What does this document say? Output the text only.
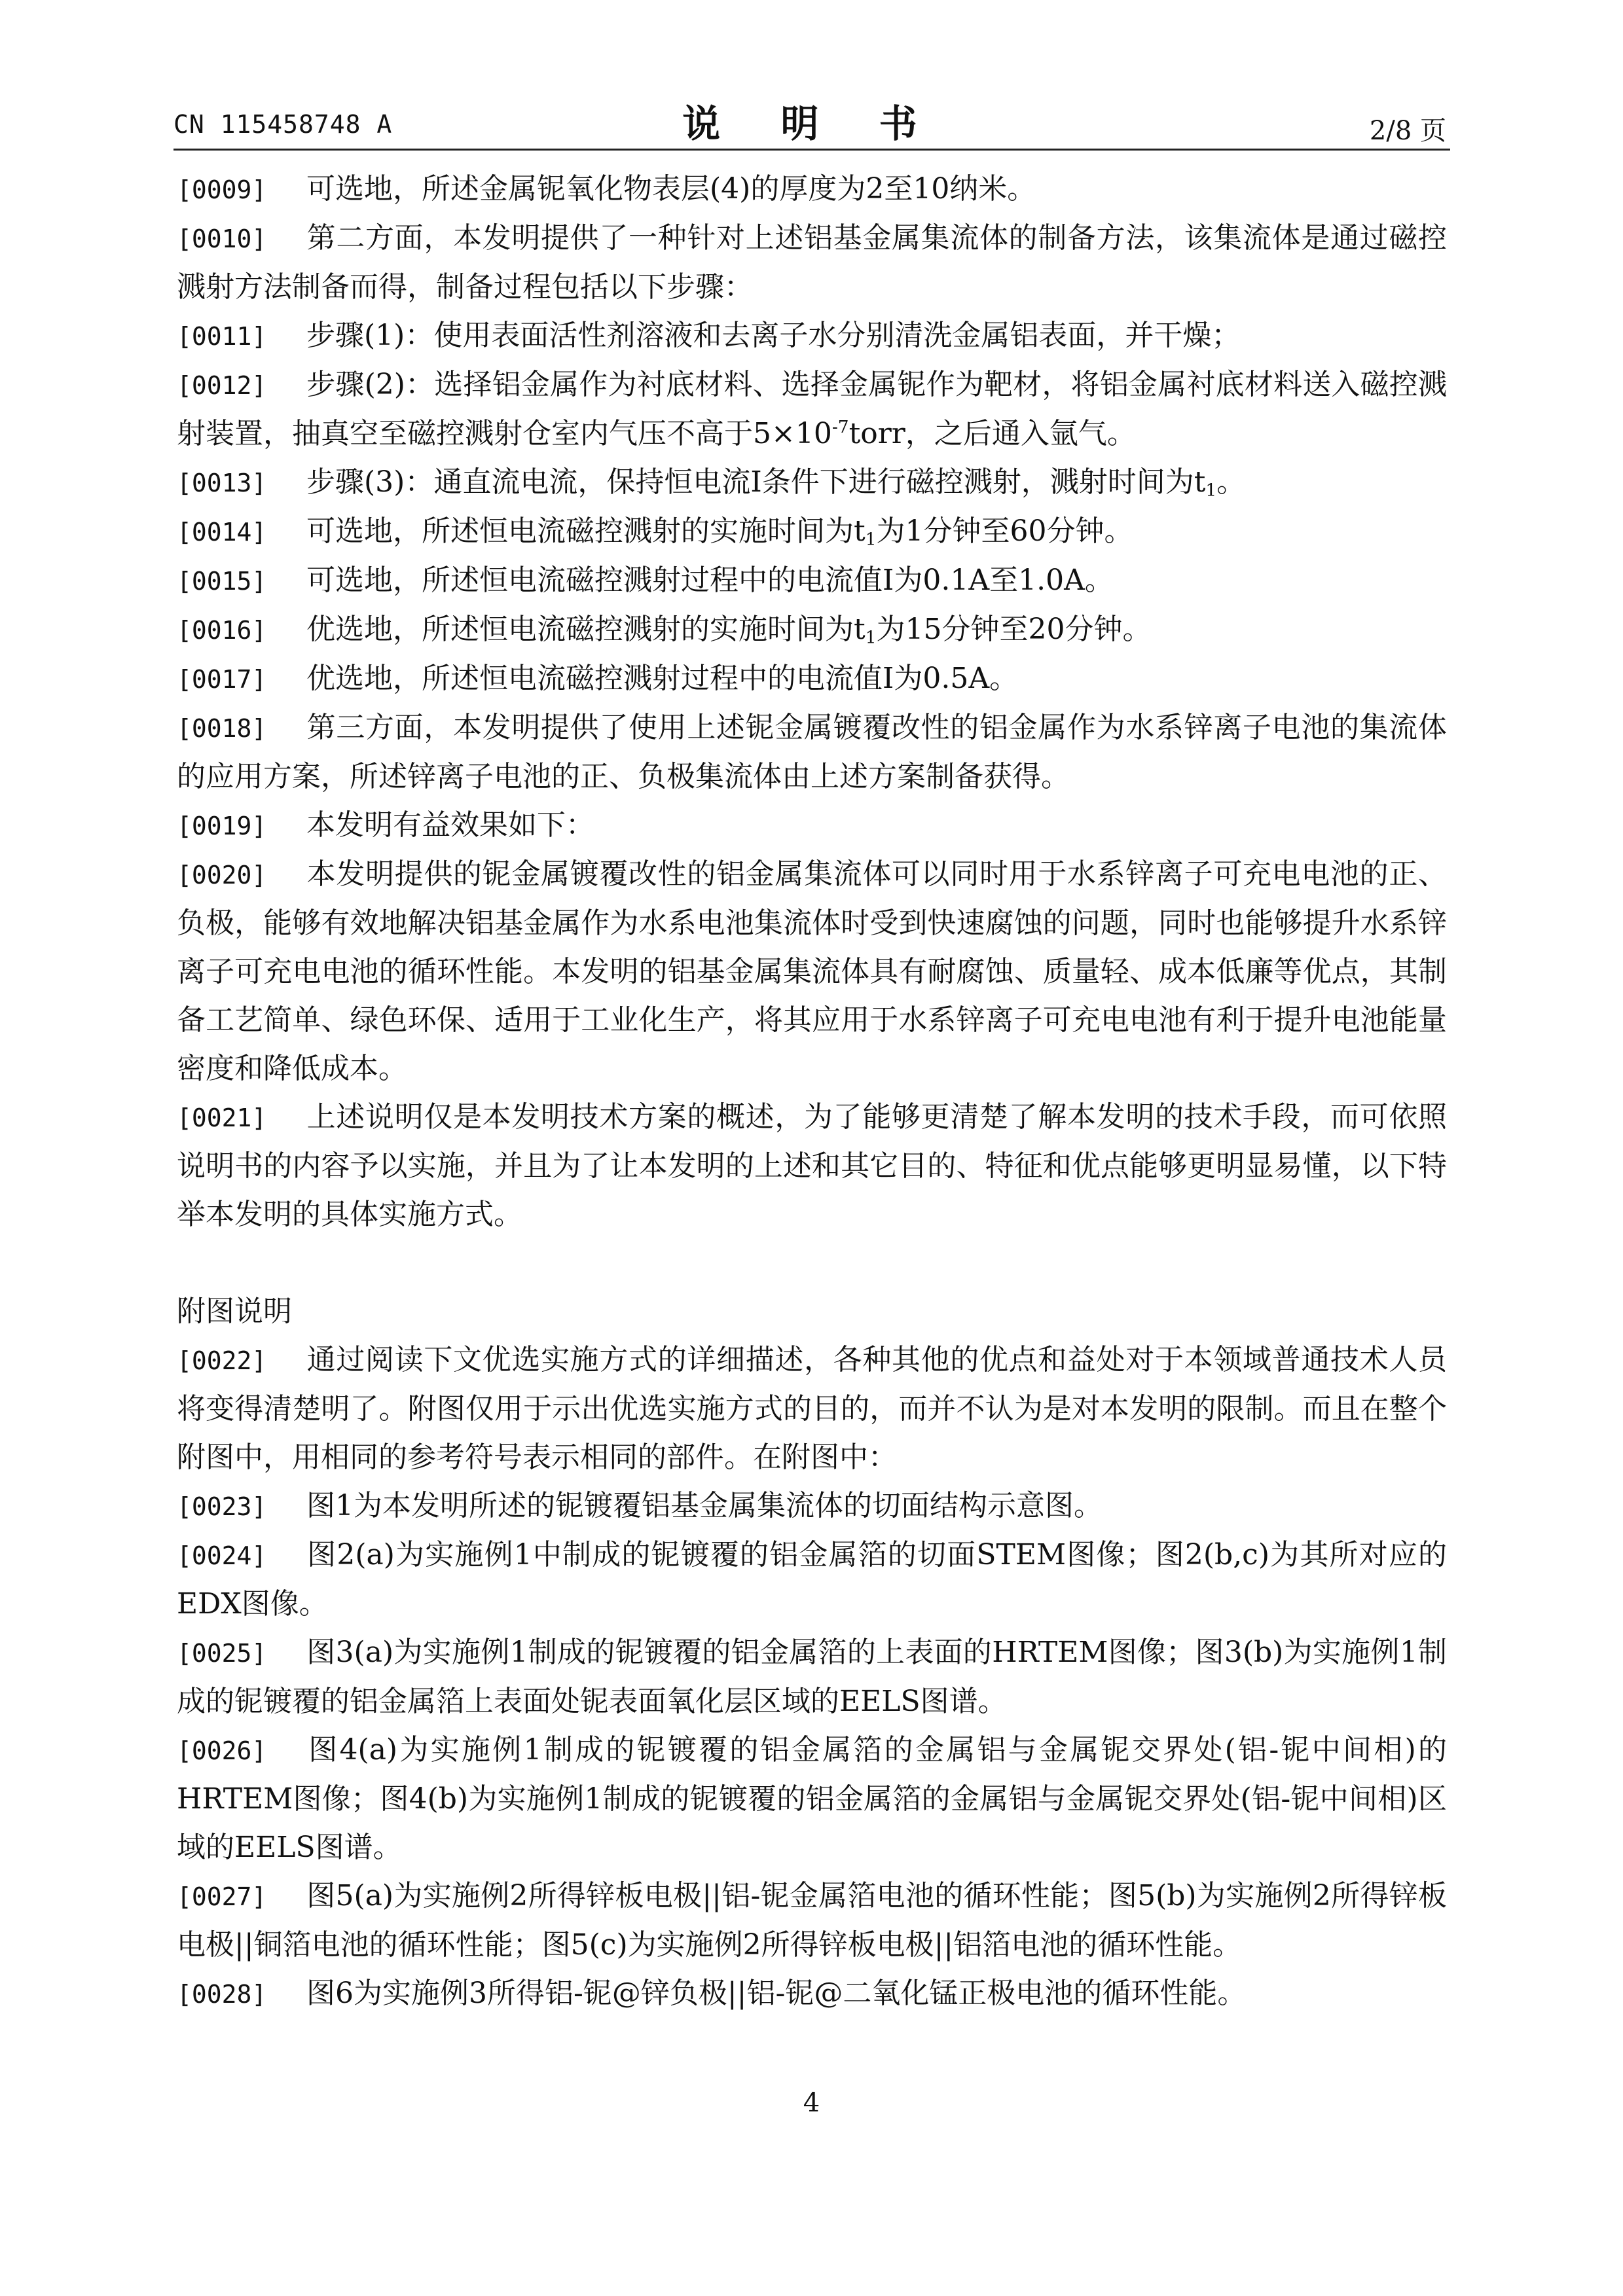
CN 115458748 A	说 明 书	2/8 页

[0009] 可选地，所述金属铌氧化物表层(4)的厚度为2至10纳米。

[0010] 第二方面，本发明提供了一种针对上述铝基金属集流体的制备方法，该集流体是通过磁控溅射方法制备而得，制备过程包括以下步骤：

[0011] 步骤(1)：使用表面活性剂溶液和去离子水分别清洗金属铝表面，并干燥；

[0012] 步骤(2)：选择铝金属作为衬底材料、选择金属铌作为靶材，将铝金属衬底材料送入磁控溅射装置，抽真空至磁控溅射仓室内气压不高于$5\times 10^{-7}torr$，之后通入氩气。

[0013] 步骤(3)：通直流电流，保持恒电流I条件下进行磁控溅射，溅射时间为$t_1$。

[0014] 可选地，所述恒电流磁控溅射的实施时间为$t_1$为1分钟至60分钟。

[0015] 可选地，所述恒电流磁控溅射过程中的电流值I为0.1A至1.0A。

[0016] 优选地，所述恒电流磁控溅射的实施时间为$t_1$为15分钟至20分钟。

[0017] 优选地，所述恒电流磁控溅射过程中的电流值I为0.5A。

[0018] 第三方面，本发明提供了使用上述铌金属镀覆改性的铝金属作为水系锌离子电池的集流体的应用方案，所述锌离子电池的正、负极集流体由上述方案制备获得。

[0019] 本发明有益效果如下：

[0020] 本发明提供的铌金属镀覆改性的铝金属集流体可以同时用于水系锌离子可充电电池的正、负极，能够有效地解决铝基金属作为水系电池集流体时受到快速腐蚀的问题，同时也能够提升水系锌离子可充电电池的循环性能。本发明的铝基金属集流体具有耐腐蚀、质量轻、成本低廉等优点，其制备工艺简单、绿色环保、适用于工业化生产，将其应用于水系锌离子可充电电池有利于提升电池能量密度和降低成本。

[0021] 上述说明仅是本发明技术方案的概述，为了能够更清楚了解本发明的技术手段，而可依照说明书的内容予以实施，并且为了让本发明的上述和其它目的、特征和优点能够更明显易懂，以下特举本发明的具体实施方式。

附图说明

[0022] 通过阅读下文优选实施方式的详细描述，各种其他的优点和益处对于本领域普通技术人员将变得清楚明了。附图仅用于示出优选实施方式的目的，而并不认为是对本发明的限制。而且在整个附图中，用相同的参考符号表示相同的部件。在附图中：

[0023] 图1为本发明所述的铌镀覆铝基金属集流体的切面结构示意图。

[0024] 图2(a)为实施例1中制成的铌镀覆的铝金属箔的切面STEM图像；图2(b,c)为其所对应的EDX图像。

[0025] 图3(a)为实施例1制成的铌镀覆的铝金属箔的上表面的HRTEM图像；图3(b)为实施例1制成的铌镀覆的铝金属箔上表面处铌表面氧化层区域的EELS图谱。

[0026] 图4(a)为实施例1制成的铌镀覆的铝金属箔的金属铝与金属铌交界处(铝-铌中间相)的HRTEM图像；图4(b)为实施例1制成的铌镀覆的铝金属箔的金属铝与金属铌交界处(铝-铌中间相)区域的EELS图谱。

[0027] 图5(a)为实施例2所得锌板电极||铝-铌金属箔电池的循环性能；图5(b)为实施例2所得锌板电极||铜箔电池的循环性能；图5(c)为实施例2所得锌板电极||铝箔电池的循环性能。

[0028] 图6为实施例3所得铝-铌@锌负极||铝-铌@二氧化锰正极电池的循环性能。

4
